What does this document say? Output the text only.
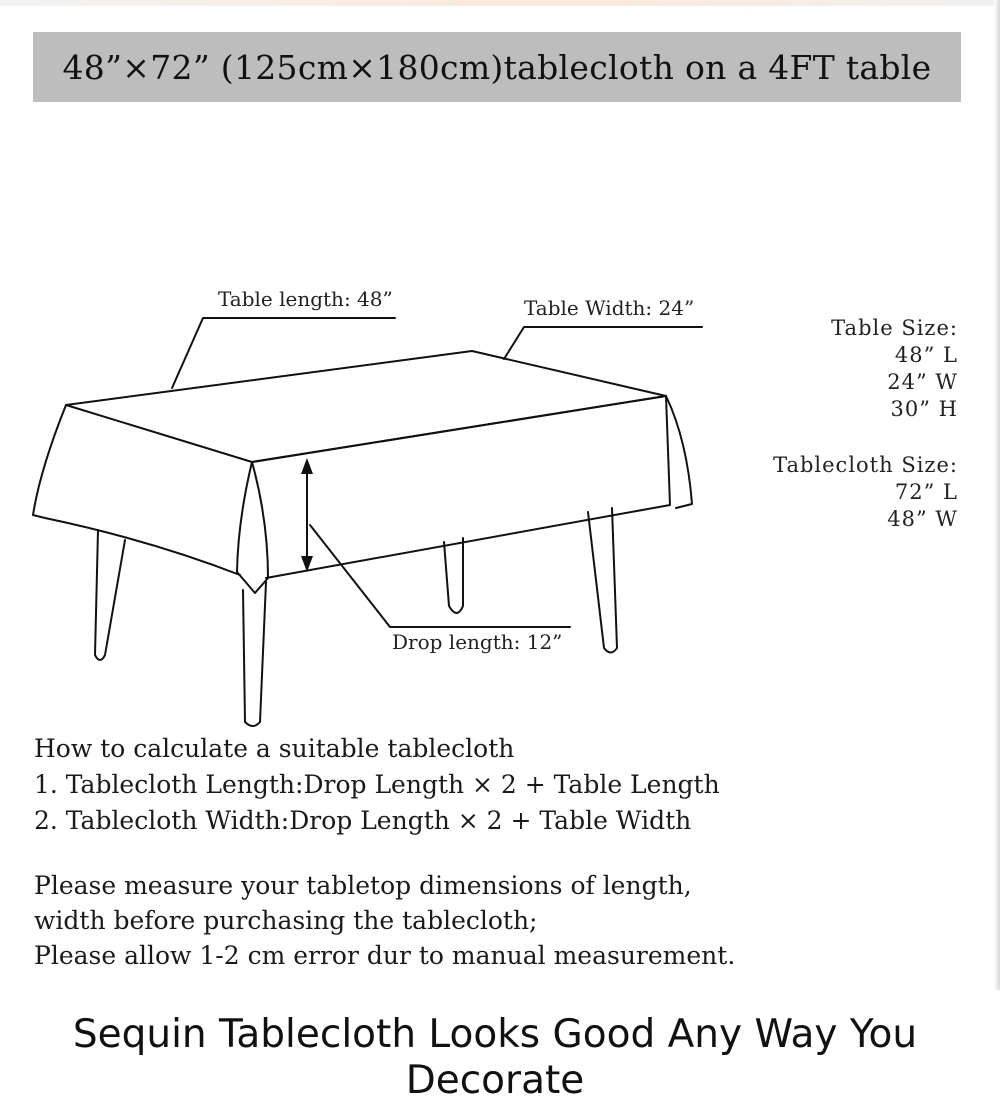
48”×72” (125cm×180cm)tablecloth on a 4FT table
Table length: 48”	Table Width: 24”
Drop length: 12”
Table Size:
48” L
24” W
30” H
Tablecloth Size:
72” L
48” W
How to calculate a suitable tablecloth
1. Tablecloth Length:Drop Length × 2 + Table Length
2. Tablecloth Width:Drop Length × 2 + Table Width
Please measure your tabletop dimensions of length,
width before purchasing the tablecloth;
Please allow 1-2 cm error dur to manual measurement.
Sequin Tablecloth Looks Good Any Way You Decorate
